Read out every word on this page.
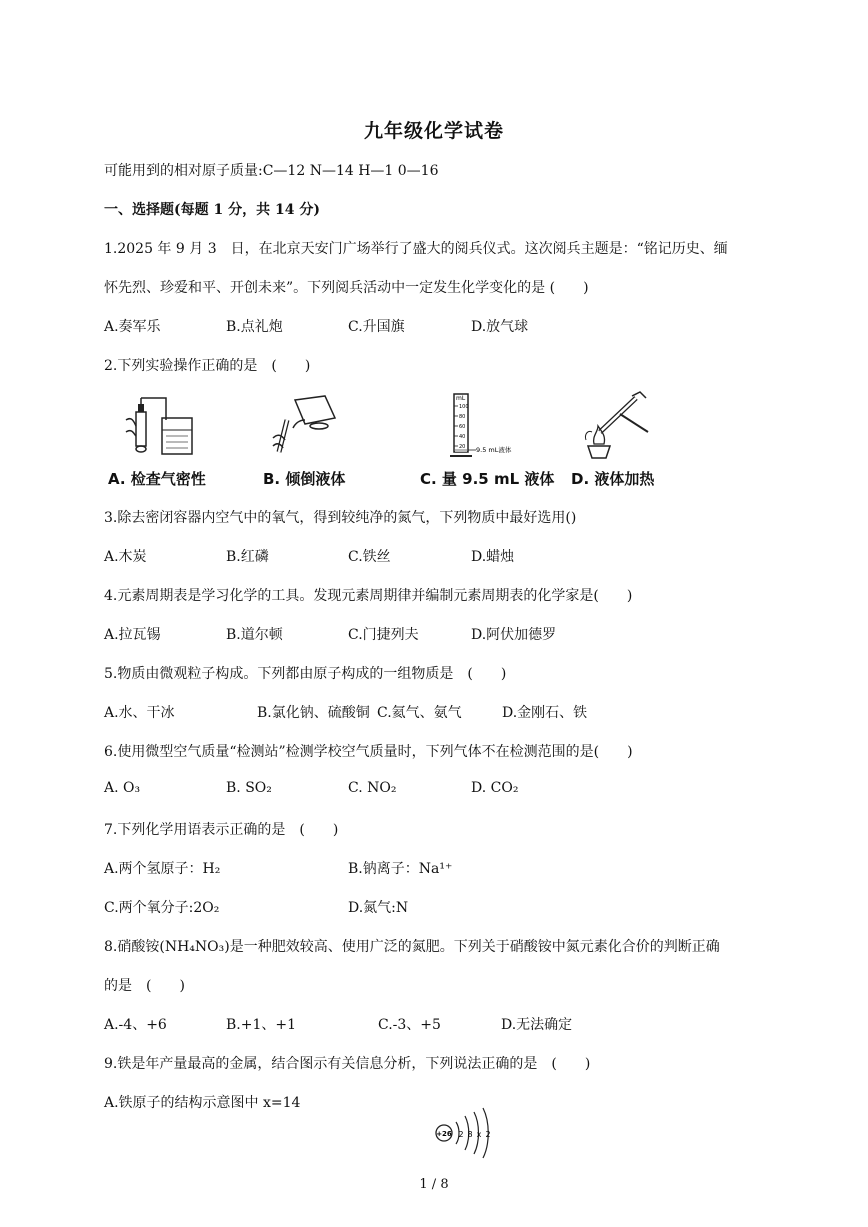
九年级化学试卷
可能用到的相对原子质量:C—12 N—14 H—1 0—16
一、选择题(每题 1 分，共 14 分)
1.2025 年 9 月 3　日，在北京天安门广场举行了盛大的阅兵仪式。这次阅兵主题是：“铭记历史、缅
怀先烈、珍爱和平、开创未来”。下列阅兵活动中一定发生化学变化的是 (　　)
A.奏军乐	B.点礼炮	C.升国旗	D.放气球
2.下列实验操作正确的是　(　　)
mL
100
80
60
40
20 9.5 mL液体
A. 检查气密性	B. 倾倒液体	C. 量 9.5 mL 液体 D. 液体加热
3.除去密闭容器内空气中的氧气，得到较纯净的氮气，下列物质中最好选用()
A.木炭	B.红磷	C.铁丝	D.蜡烛
4.元素周期表是学习化学的工具。发现元素周期律并编制元素周期表的化学家是(　　)
A.拉瓦锡	B.道尔顿	C.门捷列夫	D.阿伏加德罗
5.物质由微观粒子构成。下列都由原子构成的一组物质是　(　　)
A.水、干冰	B.氯化钠、硫酸铜 C.氦气、氨气	D.金刚石、铁
6.使用微型空气质量“检测站”检测学校空气质量时，下列气体不在检测范围的是(　　)
A. O₃	B. SO₂	C. NO₂	D. CO₂
7.下列化学用语表示正确的是　(　　)
A.两个氢原子：H₂	B.钠离子：Na¹⁺
C.两个氧分子:2O₂	D.氮气:N
8.硝酸铵(NH₄NO₃)是一种肥效较高、使用广泛的氮肥。下列关于硝酸铵中氮元素化合价的判断正确
的是　(　　)
A.-4、+6	B.+1、+1	C.-3、+5	D.无法确定
9.铁是年产量最高的金属，结合图示有关信息分析，下列说法正确的是　(　　)
A.铁原子的结构示意图中 x=14
+26 2 8 x 2
1 / 8
